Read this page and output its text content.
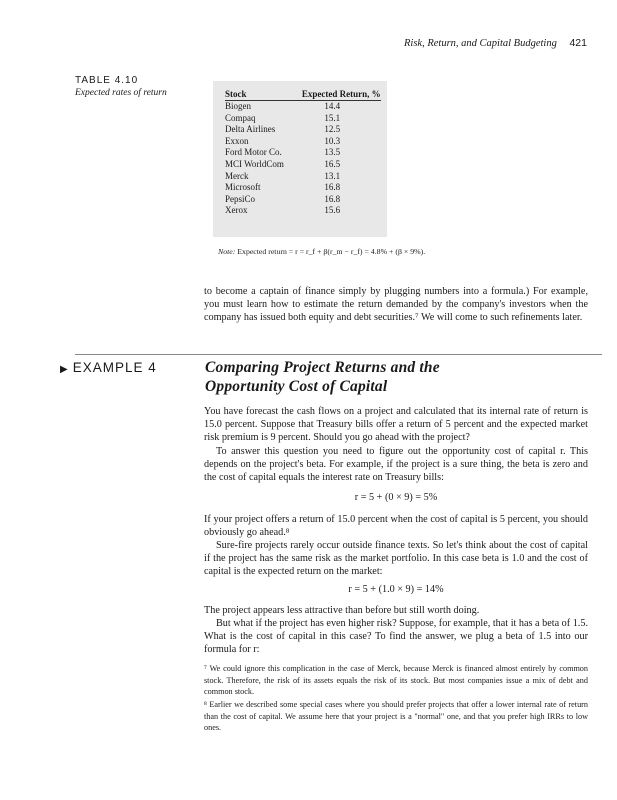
Risk, Return, and Capital Budgeting 421
TABLE 4.10
Expected rates of return	Stock	Expected Return, %
Biogen	14.4
Compaq	15.1
Delta Airlines	12.5
Exxon	10.3
Ford Motor Co.	13.5
MCI WorldCom	16.5
Merck	13.1
Microsoft	16.8
PepsiCo	16.8
Xerox	15.6
Note: Expected return = r = r_f + β(r_m − r_f) = 4.8% + (β × 9%).
to become a captain of finance simply by plugging numbers into a formula.) For example, you must learn how to estimate the return demanded by the company's investors when the company has issued both equity and debt securities.⁷ We will come to such refinements later.
▶ EXAMPLE 4	Comparing Project Returns and the
Opportunity Cost of Capital
You have forecast the cash flows on a project and calculated that its internal rate of return is 15.0 percent. Suppose that Treasury bills offer a return of 5 percent and the expected market risk premium is 9 percent. Should you go ahead with the project?
To answer this question you need to figure out the opportunity cost of capital r. This depends on the project's beta. For example, if the project is a sure thing, the beta is zero and the cost of capital equals the interest rate on Treasury bills:
r = 5 + (0 × 9) = 5%
If your project offers a return of 15.0 percent when the cost of capital is 5 percent, you should obviously go ahead.⁸
Sure-fire projects rarely occur outside finance texts. So let's think about the cost of capital if the project has the same risk as the market portfolio. In this case beta is 1.0 and the cost of capital is the expected return on the market:
r = 5 + (1.0 × 9) = 14%
The project appears less attractive than before but still worth doing.
But what if the project has even higher risk? Suppose, for example, that it has a beta of 1.5. What is the cost of capital in this case? To find the answer, we plug a beta of 1.5 into our formula for r:
⁷ We could ignore this complication in the case of Merck, because Merck is financed almost entirely by common stock. Therefore, the risk of its assets equals the risk of its stock. But most companies issue a mix of debt and common stock.
⁸ Earlier we described some special cases where you should prefer projects that offer a lower internal rate of return than the cost of capital. We assume here that your project is a "normal" one, and that you prefer high IRRs to low ones.
